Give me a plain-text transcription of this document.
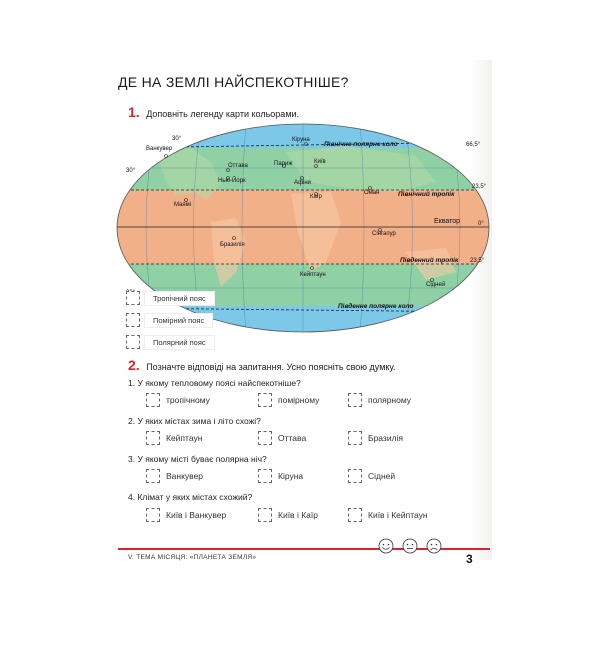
ДЕ НА ЗЕМЛІ НАЙСПЕКОТНІШЕ?
1. Доповніть легенду карти кольорами.
30°
30°
66,5°
23,5°
0°
23,5°
Північне полярне коло
Північний тропік
Екватор
Південний тропік
Південне полярне коло
Ванкувер
Кіруна
Оттава	Париж	Київ
Нью-Йорк	Афіни
Маямі
Каїр
Оман
Сінгапур
Бразилія
Кейптаун
Сідней
Тропічний пояс
Помірний пояс
Полярний пояс
2. Позначте відповіді на запитання. Усно поясніть свою думку.
1. У якому тепловому поясі найспекотніше?
тропічному	помірному	полярному
2. У яких містах зима і літо схожі?
Кейптаун	Оттава	Бразилія
3. У якому місті буває полярна ніч?
Ванкувер	Кіруна	Сідней
4. Клімат у яких містах схожий?
Київ і Ванкувер	Київ і Каїр	Київ і Кейптаун
V. ТЕМА МІСЯЦЯ: «ПЛАНЕТА ЗЕМЛЯ»	3
